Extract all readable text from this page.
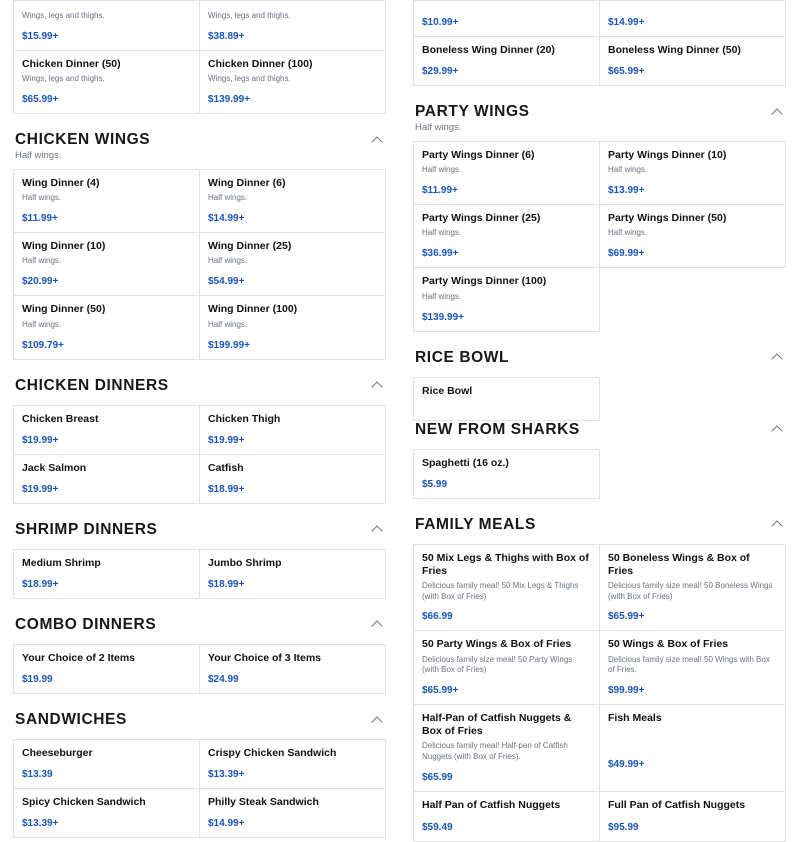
Wings, legs and thighs.
$15.99+
Wings, legs and thighs.
$38.89+
Chicken Dinner (50)
Wings, legs and thighs.
$65.99+
Chicken Dinner (100)
Wings, legs and thighs.
$139.99+
CHICKEN WINGS
Half wings.
Wing Dinner (4)
Half wings.
$11.99+
Wing Dinner (6)
Half wings.
$14.99+
Wing Dinner (10)
Half wings.
$20.99+
Wing Dinner (25)
Half wings.
$54.99+
Wing Dinner (50)
Half wings.
$109.79+
Wing Dinner (100)
Half wings.
$199.99+
CHICKEN DINNERS
Chicken Breast
$19.99+
Chicken Thigh
$19.99+
Jack Salmon
$19.99+
Catfish
$18.99+
SHRIMP DINNERS
Medium Shrimp
$18.99+
Jumbo Shrimp
$18.99+
COMBO DINNERS
Your Choice of 2 Items
$19.99
Your Choice of 3 Items
$24.99
SANDWICHES
Cheeseburger
$13.39
Crispy Chicken Sandwich
$13.39+
Spicy Chicken Sandwich
$13.39+
Philly Steak Sandwich
$14.99+
$10.99+	$14.99+
Boneless Wing Dinner (20)
$29.99+
Boneless Wing Dinner (50)
$65.99+
PARTY WINGS
Half wings.
Party Wings Dinner (6)
Half wings.
$11.99+
Party Wings Dinner (10)
Half wings.
$13.99+
Party Wings Dinner (25)
Half wings.
$36.99+
Party Wings Dinner (50)
Half wings.
$69.99+
Party Wings Dinner (100)
Half wings.
$139.99+
RICE BOWL
Rice Bowl
NEW FROM SHARKS
Spaghetti (16 oz.)
$5.99
FAMILY MEALS
50 Mix Legs & Thighs with Box of Fries
Delicious family meal! 50 Mix Legs & Thighs (with Box of Fries)
$66.99
50 Boneless Wings & Box of Fries
Delicious family size meal! 50 Boneless Wings (with Box of Fries)
$65.99+
50 Party Wings & Box of Fries
Delicious family size meal! 50 Party Wings (with Box of Fries)
$65.99+
50 Wings & Box of Fries
Delicious family size meal! 50 Wings with Box of Fries.
$99.99+
Half-Pan of Catfish Nuggets & Box of Fries
Delicious family meal! Half-pan of Catfish Nuggets (with Box of Fries).
$65.99
Fish Meals
$49.99+
Half Pan of Catfish Nuggets
$59.49
Full Pan of Catfish Nuggets
$95.99
